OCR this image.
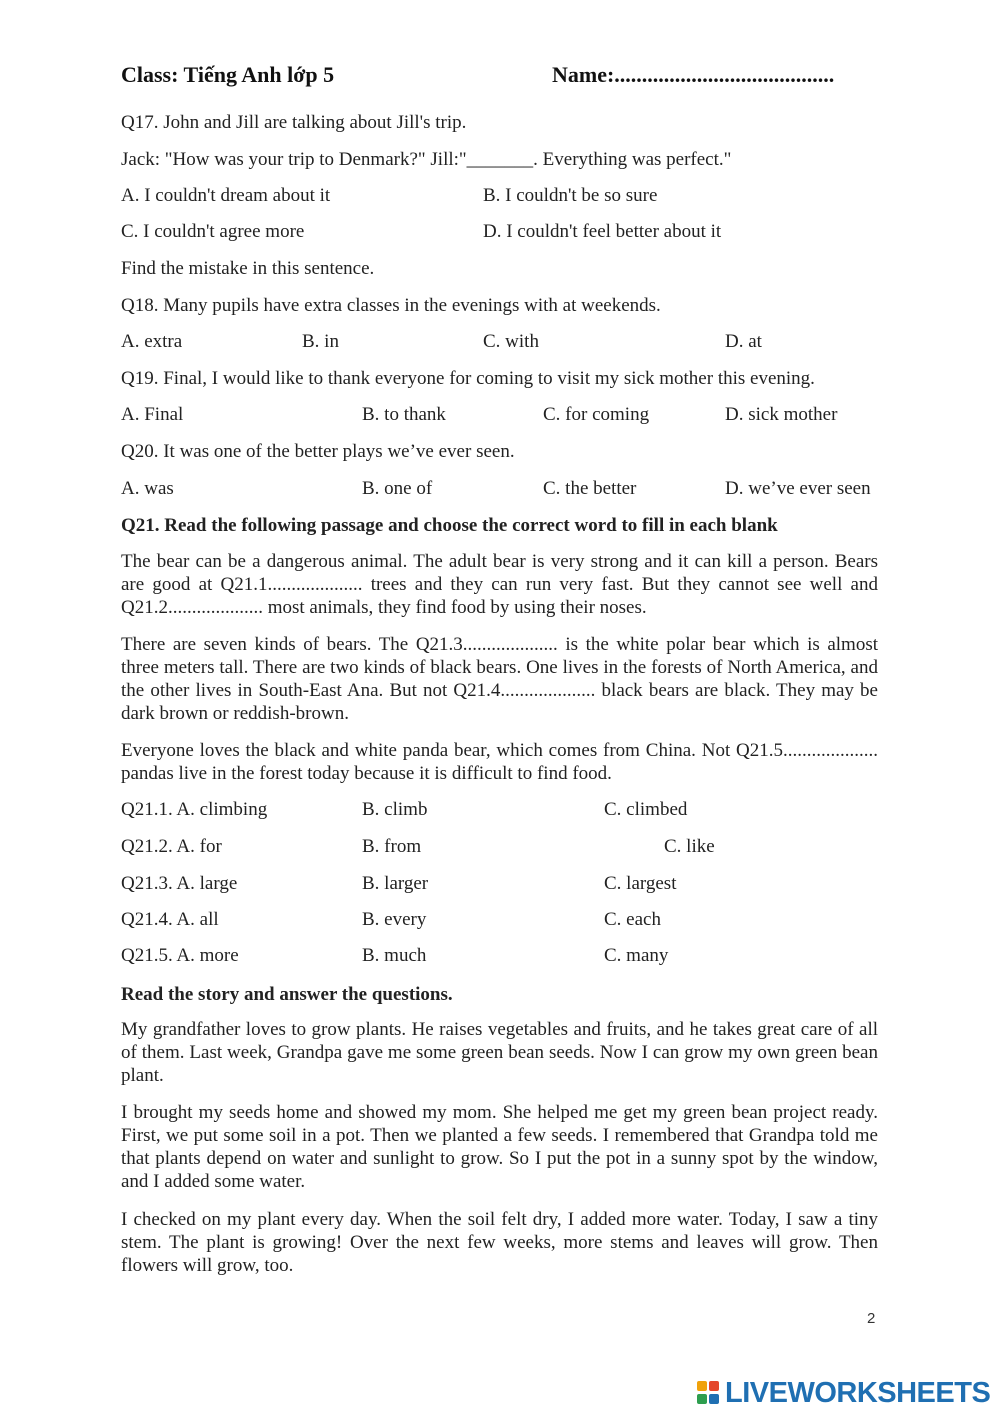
Class: Tiếng Anh lớp 5	Name:........................................
Q17. John and Jill are talking about Jill's trip.
Jack: "How was your trip to Denmark?" Jill:"_______. Everything was perfect."
A. I couldn't dream about it	B. I couldn't be so sure
C. I couldn't agree more	D. I couldn't feel better about it
Find the mistake in this sentence.
Q18. Many pupils have extra classes in the evenings with at weekends.
A. extra	B. in	C. with	D. at
Q19. Final, I would like to thank everyone for coming to visit my sick mother this evening.
A. Final	B. to thank	C. for coming	D. sick mother
Q20. It was one of the better plays we’ve ever seen.
A. was	B. one of	C. the better	D. we’ve ever seen
Q21. Read the following passage and choose the correct word to fill in each blank
The bear can be a dangerous animal. The adult bear is very strong and it can kill a person. Bears are good at Q21.1.................... trees and they can run very fast. But they cannot see well and Q21.2.................... most animals, they find food by using their noses.
There are seven kinds of bears. The Q21.3.................... is the white polar bear which is almost three meters tall. There are two kinds of black bears. One lives in the forests of North America, and the other lives in South-East Ana. But not Q21.4.................... black bears are black. They may be dark brown or reddish-brown.
Everyone loves the black and white panda bear, which comes from China. Not Q21.5.................... pandas live in the forest today because it is difficult to find food.
Q21.1. A. climbing	B. climb	C. climbed
Q21.2. A. for	B. from	C. like
Q21.3. A. large	B. larger	C. largest
Q21.4. A. all	B. every	C. each
Q21.5. A. more	B. much	C. many
Read the story and answer the questions.
My grandfather loves to grow plants. He raises vegetables and fruits, and he takes great care of all of them. Last week, Grandpa gave me some green bean seeds. Now I can grow my own green bean plant.
I brought my seeds home and showed my mom. She helped me get my green bean project ready. First, we put some soil in a pot. Then we planted a few seeds. I remembered that Grandpa told me that plants depend on water and sunlight to grow. So I put the pot in a sunny spot by the window, and I added some water.
I checked on my plant every day. When the soil felt dry, I added more water. Today, I saw a tiny stem. The plant is growing! Over the next few weeks, more stems and leaves will grow. Then flowers will grow, too.
2
LIVEWORKSHEETS
